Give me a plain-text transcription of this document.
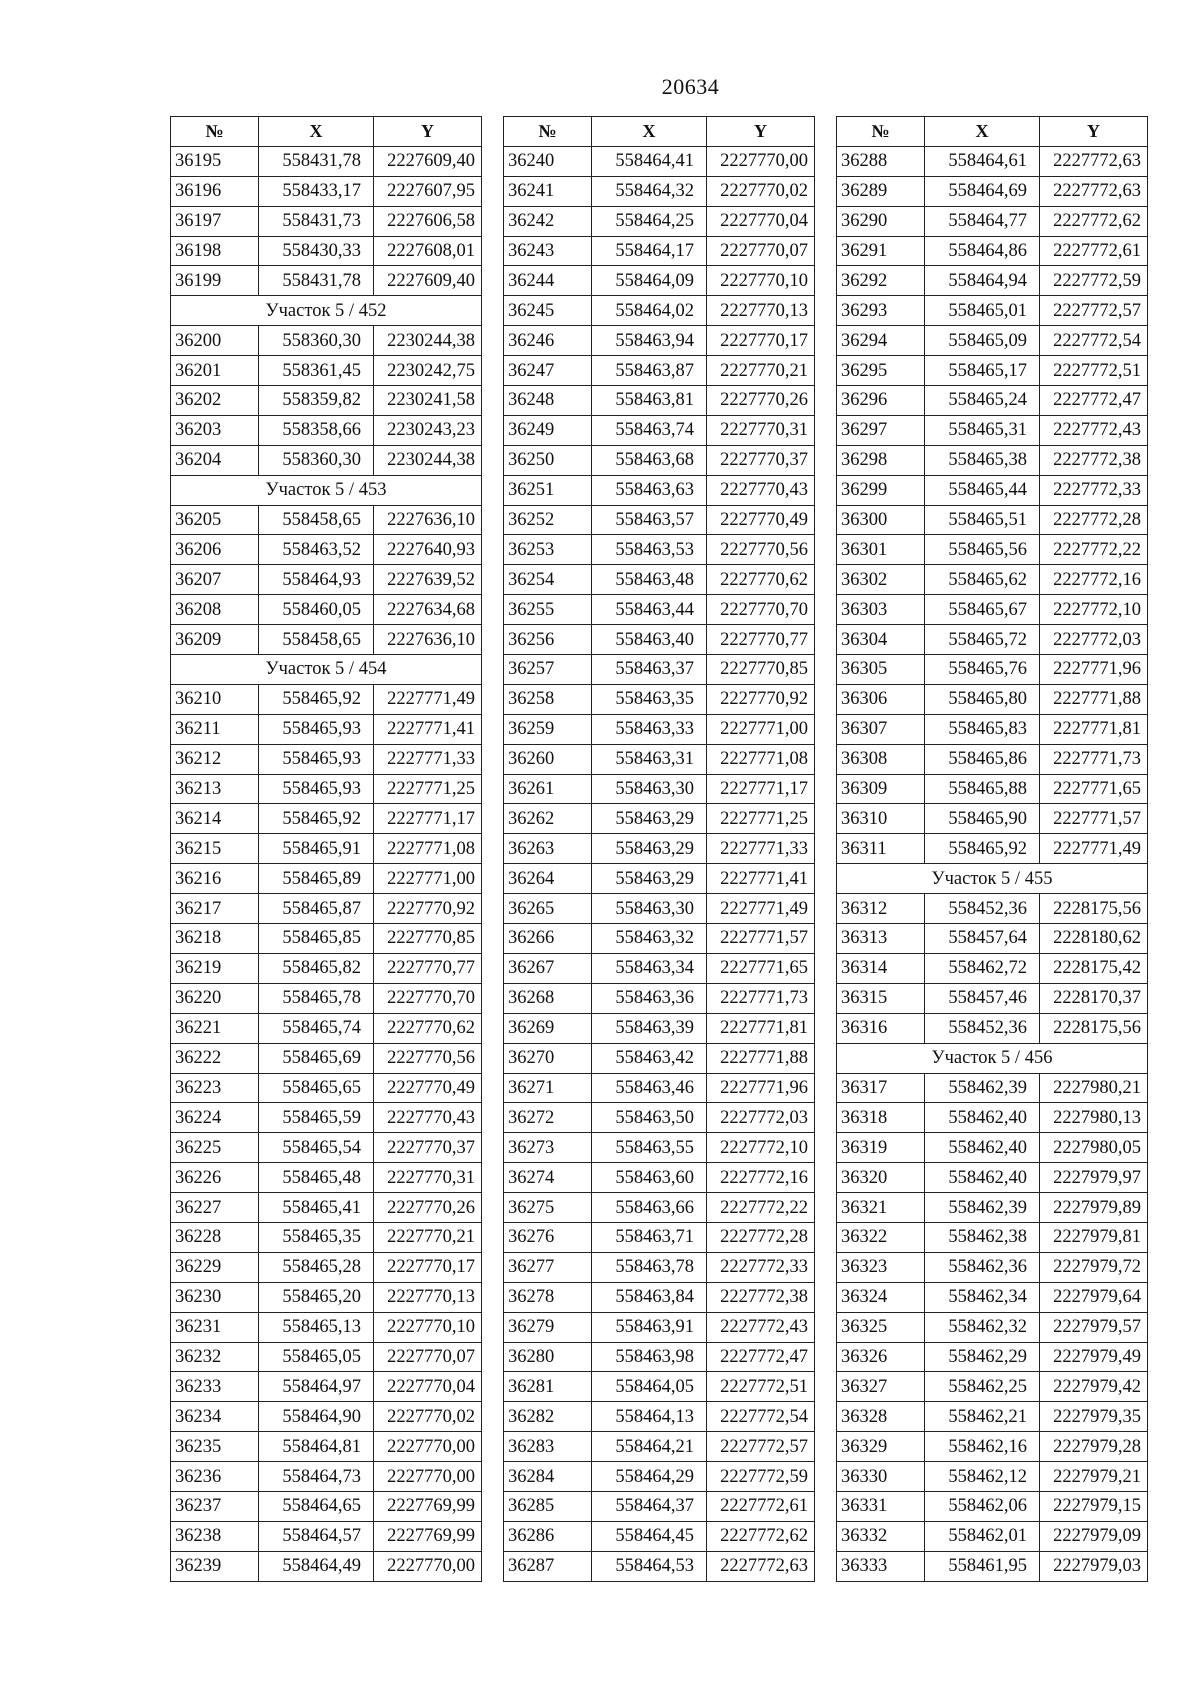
20634
№	X	Y
36195	558431,78	2227609,40
36196	558433,17	2227607,95
36197	558431,73	2227606,58
36198	558430,33	2227608,01
36199	558431,78	2227609,40
Участок 5 / 452		
36200	558360,30	2230244,38
36201	558361,45	2230242,75
36202	558359,82	2230241,58
36203	558358,66	2230243,23
36204	558360,30	2230244,38
Участок 5 / 453		
36205	558458,65	2227636,10
36206	558463,52	2227640,93
36207	558464,93	2227639,52
36208	558460,05	2227634,68
36209	558458,65	2227636,10
Участок 5 / 454		
36210	558465,92	2227771,49
36211	558465,93	2227771,41
36212	558465,93	2227771,33
36213	558465,93	2227771,25
36214	558465,92	2227771,17
36215	558465,91	2227771,08
36216	558465,89	2227771,00
36217	558465,87	2227770,92
36218	558465,85	2227770,85
36219	558465,82	2227770,77
36220	558465,78	2227770,70
36221	558465,74	2227770,62
36222	558465,69	2227770,56
36223	558465,65	2227770,49
36224	558465,59	2227770,43
36225	558465,54	2227770,37
36226	558465,48	2227770,31
36227	558465,41	2227770,26
36228	558465,35	2227770,21
36229	558465,28	2227770,17
36230	558465,20	2227770,13
36231	558465,13	2227770,10
36232	558465,05	2227770,07
36233	558464,97	2227770,04
36234	558464,90	2227770,02
36235	558464,81	2227770,00
36236	558464,73	2227770,00
36237	558464,65	2227769,99
36238	558464,57	2227769,99
36239	558464,49	2227770,00
№	X	Y
36240	558464,41	2227770,00
36241	558464,32	2227770,02
36242	558464,25	2227770,04
36243	558464,17	2227770,07
36244	558464,09	2227770,10
36245	558464,02	2227770,13
36246	558463,94	2227770,17
36247	558463,87	2227770,21
36248	558463,81	2227770,26
36249	558463,74	2227770,31
36250	558463,68	2227770,37
36251	558463,63	2227770,43
36252	558463,57	2227770,49
36253	558463,53	2227770,56
36254	558463,48	2227770,62
36255	558463,44	2227770,70
36256	558463,40	2227770,77
36257	558463,37	2227770,85
36258	558463,35	2227770,92
36259	558463,33	2227771,00
36260	558463,31	2227771,08
36261	558463,30	2227771,17
36262	558463,29	2227771,25
36263	558463,29	2227771,33
36264	558463,29	2227771,41
36265	558463,30	2227771,49
36266	558463,32	2227771,57
36267	558463,34	2227771,65
36268	558463,36	2227771,73
36269	558463,39	2227771,81
36270	558463,42	2227771,88
36271	558463,46	2227771,96
36272	558463,50	2227772,03
36273	558463,55	2227772,10
36274	558463,60	2227772,16
36275	558463,66	2227772,22
36276	558463,71	2227772,28
36277	558463,78	2227772,33
36278	558463,84	2227772,38
36279	558463,91	2227772,43
36280	558463,98	2227772,47
36281	558464,05	2227772,51
36282	558464,13	2227772,54
36283	558464,21	2227772,57
36284	558464,29	2227772,59
36285	558464,37	2227772,61
36286	558464,45	2227772,62
36287	558464,53	2227772,63
№	X	Y
36288	558464,61	2227772,63
36289	558464,69	2227772,63
36290	558464,77	2227772,62
36291	558464,86	2227772,61
36292	558464,94	2227772,59
36293	558465,01	2227772,57
36294	558465,09	2227772,54
36295	558465,17	2227772,51
36296	558465,24	2227772,47
36297	558465,31	2227772,43
36298	558465,38	2227772,38
36299	558465,44	2227772,33
36300	558465,51	2227772,28
36301	558465,56	2227772,22
36302	558465,62	2227772,16
36303	558465,67	2227772,10
36304	558465,72	2227772,03
36305	558465,76	2227771,96
36306	558465,80	2227771,88
36307	558465,83	2227771,81
36308	558465,86	2227771,73
36309	558465,88	2227771,65
36310	558465,90	2227771,57
36311	558465,92	2227771,49
Участок 5 / 455		
36312	558452,36	2228175,56
36313	558457,64	2228180,62
36314	558462,72	2228175,42
36315	558457,46	2228170,37
36316	558452,36	2228175,56
Участок 5 / 456		
36317	558462,39	2227980,21
36318	558462,40	2227980,13
36319	558462,40	2227980,05
36320	558462,40	2227979,97
36321	558462,39	2227979,89
36322	558462,38	2227979,81
36323	558462,36	2227979,72
36324	558462,34	2227979,64
36325	558462,32	2227979,57
36326	558462,29	2227979,49
36327	558462,25	2227979,42
36328	558462,21	2227979,35
36329	558462,16	2227979,28
36330	558462,12	2227979,21
36331	558462,06	2227979,15
36332	558462,01	2227979,09
36333	558461,95	2227979,03
